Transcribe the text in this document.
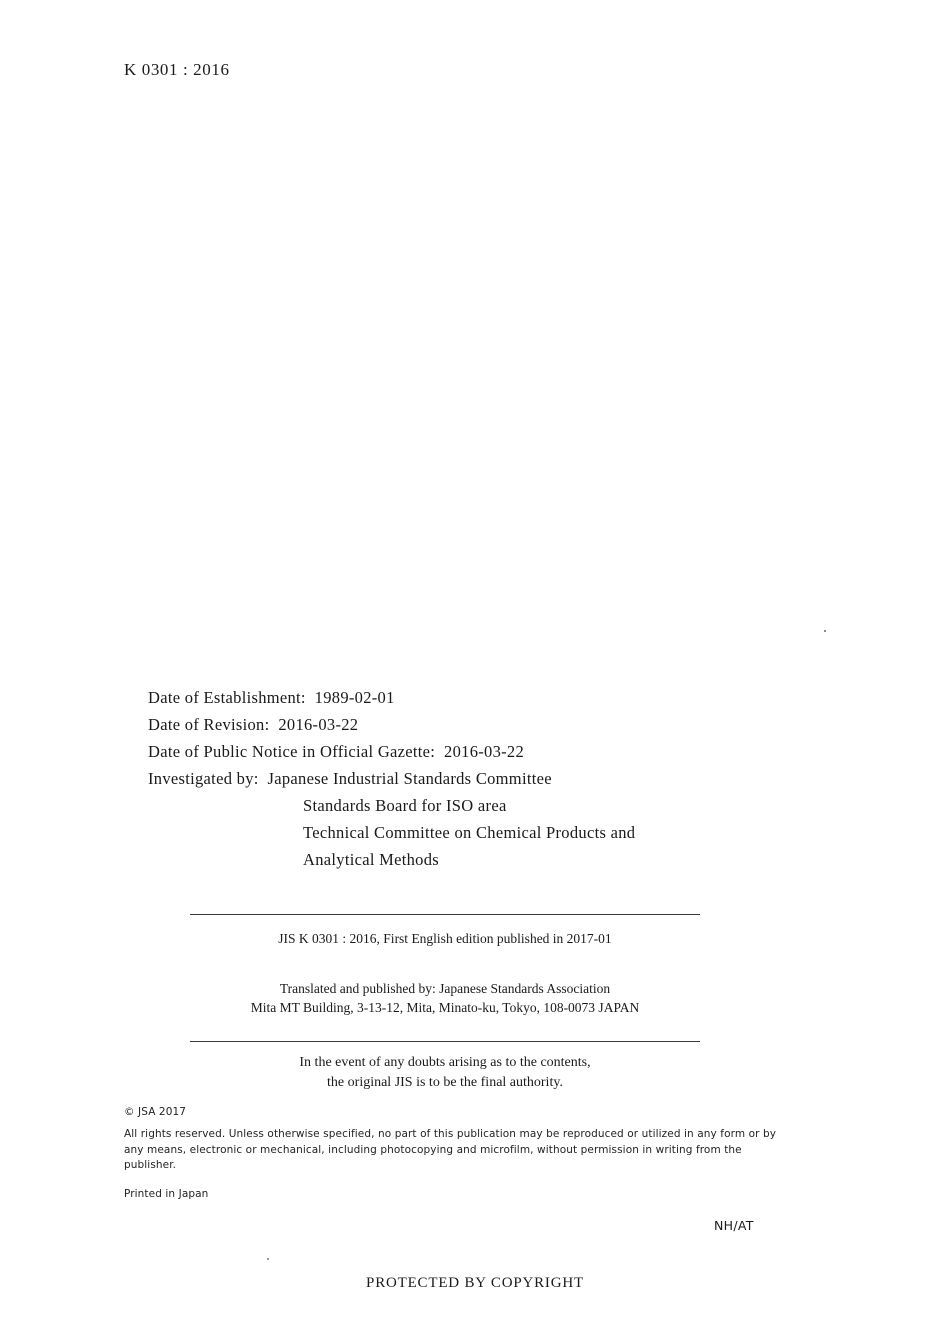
K 0301 : 2016
Date of Establishment:  1989-02-01
Date of Revision:  2016-03-22
Date of Public Notice in Official Gazette:  2016-03-22
Investigated by:  Japanese Industrial Standards Committee
Standards Board for ISO area
Technical Committee on Chemical Products and
Analytical Methods
JIS K 0301 : 2016, First English edition published in 2017-01
Translated and published by: Japanese Standards Association
Mita MT Building, 3-13-12, Mita, Minato-ku, Tokyo, 108-0073 JAPAN
In the event of any doubts arising as to the contents,
the original JIS is to be the final authority.
© JSA 2017
All rights reserved. Unless otherwise specified, no part of this publication may be reproduced or utilized in any form or by any means, electronic or mechanical, including photocopying and microfilm, without permission in writing from the publisher.
Printed in Japan
NH/AT
PROTECTED BY COPYRIGHT
